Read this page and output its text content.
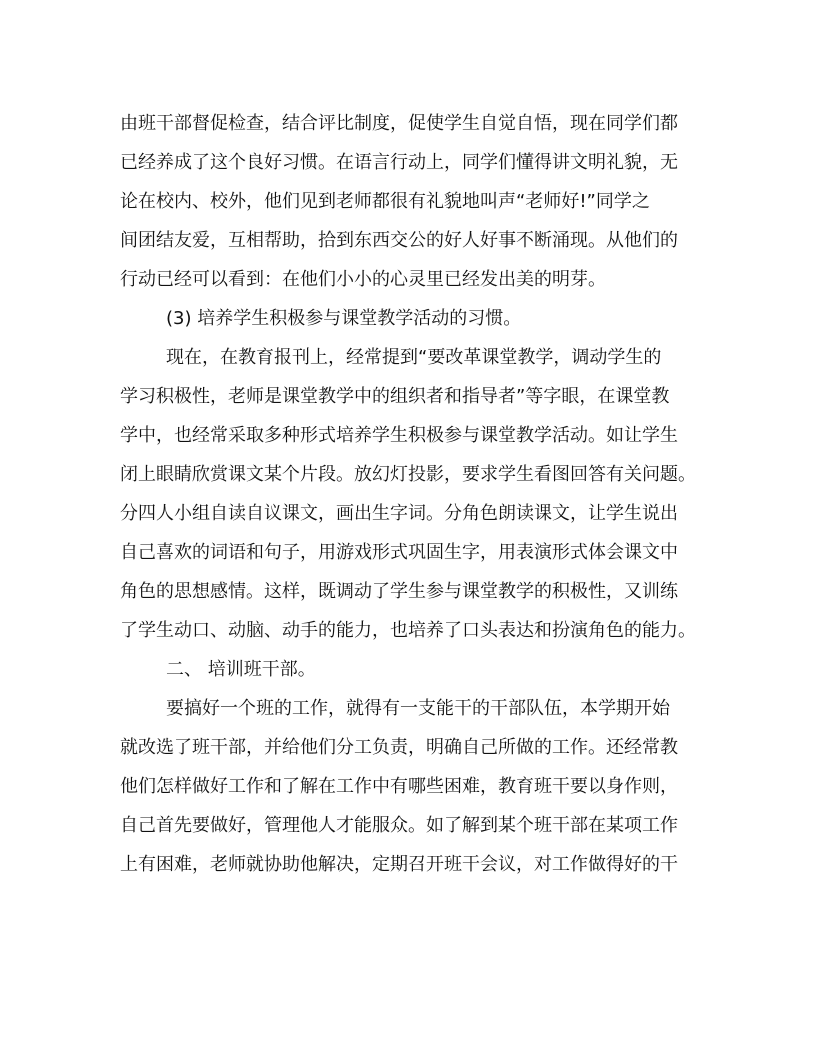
由班干部督促检查，结合评比制度，促使学生自觉自悟，现在同学们都
已经养成了这个良好习惯。在语言行动上，同学们懂得讲文明礼貌，无
论在校内、校外，他们见到老师都很有礼貌地叫声“老师好!”同学之
间团结友爱，互相帮助，拾到东西交公的好人好事不断涌现。从他们的
行动已经可以看到：在他们小小的心灵里已经发出美的明芽。
(3) 培养学生积极参与课堂教学活动的习惯。
现在，在教育报刊上，经常提到“要改革课堂教学，调动学生的
学习积极性，老师是课堂教学中的组织者和指导者”等字眼，在课堂教
学中，也经常采取多种形式培养学生积极参与课堂教学活动。如让学生
闭上眼睛欣赏课文某个片段。放幻灯投影，要求学生看图回答有关问题。
分四人小组自读自议课文，画出生字词。分角色朗读课文，让学生说出
自己喜欢的词语和句子，用游戏形式巩固生字，用表演形式体会课文中
角色的思想感情。这样，既调动了学生参与课堂教学的积极性，又训练
了学生动口、动脑、动手的能力，也培养了口头表达和扮演角色的能力。
二、 培训班干部。
要搞好一个班的工作，就得有一支能干的干部队伍，本学期开始
就改选了班干部，并给他们分工负责，明确自己所做的工作。还经常教
他们怎样做好工作和了解在工作中有哪些困难，教育班干要以身作则，
自己首先要做好，管理他人才能服众。如了解到某个班干部在某项工作
上有困难，老师就协助他解决，定期召开班干会议，对工作做得好的干
